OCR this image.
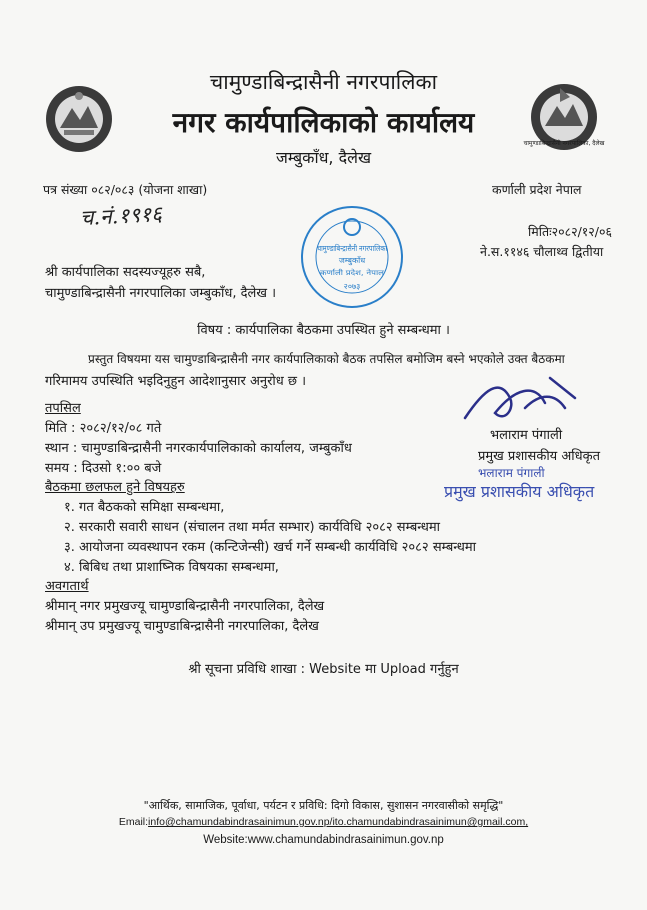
चामुण्डाबिन्द्रासैनी नगरपालिका, दैलेख
चामुण्डाबिन्द्रासैनी नगरपालिका
नगर कार्यपालिकाको कार्यालय
जम्बुकाँध, दैलेख
पत्र संख्या ०८२/०८३ (योजना शाखा)	कर्णाली प्रदेश नेपाल
च.नं.१९१६
मितिः२०८२/१२/०६
ने.स.११४६ चौलाथ्व द्वितीया
चामुण्डाबिन्द्रासैनी नगरपालिका
जम्बुकाँध
कर्णाली प्रदेश, नेपाल
२०७३
श्री कार्यपालिका सदस्यज्यूहरु सबै,
चामुण्डाबिन्द्रासैनी नगरपालिका जम्बुकाँध, दैलेख ।
विषय : कार्यपालिका बैठकमा उपस्थित हुने सम्बन्धमा ।
प्रस्तुत विषयमा यस चामुण्डाबिन्द्रासैनी नगर कार्यपालिकाको बैठक तपसिल बमोजिम बस्ने भएकोले उक्त बैठकमा
गरिमामय उपस्थिति भइदिनुहुन आदेशानुसार अनुरोध छ ।
तपसिल
मिति : २०८२/१२/०८ गते
स्थान : चामुण्डाबिन्द्रासैनी नगरकार्यपालिकाको कार्यालय, जम्बुकाँध
समय : दिउसो १:०० बजे
बैठकमा छलफल हुने विषयहरु
१. गत बैठकको समिक्षा सम्बन्धमा,
२. सरकारी सवारी साधन (संचालन तथा मर्मत सम्भार) कार्यविधि २०८२ सम्बन्धमा
३. आयोजना व्यवस्थापन रकम (कन्टिजेन्सी) खर्च गर्ने सम्बन्धी कार्यविधि २०८२ सम्बन्धमा
४. बिबिध तथा प्राशाष्निक विषयका सम्बन्धमा,
भलाराम पंगाली
प्रमुख प्रशासकीय अधिकृत
भलाराम पंगाली
प्रमुख प्रशासकीय अधिकृत
अवगतार्थ
श्रीमान् नगर प्रमुखज्यू चामुण्डाबिन्द्रासैनी नगरपालिका, दैलेख
श्रीमान् उप प्रमुखज्यू चामुण्डाबिन्द्रासैनी नगरपालिका, दैलेख
श्री सूचना प्रविधि शाखा : Website मा Upload गर्नुहुन
"आर्थिक, सामाजिक, पूर्वाधा, पर्यटन र प्रविधि: दिगो विकास, सुशासन नगरवासीको समृद्धि"
Email:info@chamundabindrasainimun.gov.np/ito.chamundabindrasainimun@gmail.com,
Website:www.chamundabindrasainimun.gov.np
